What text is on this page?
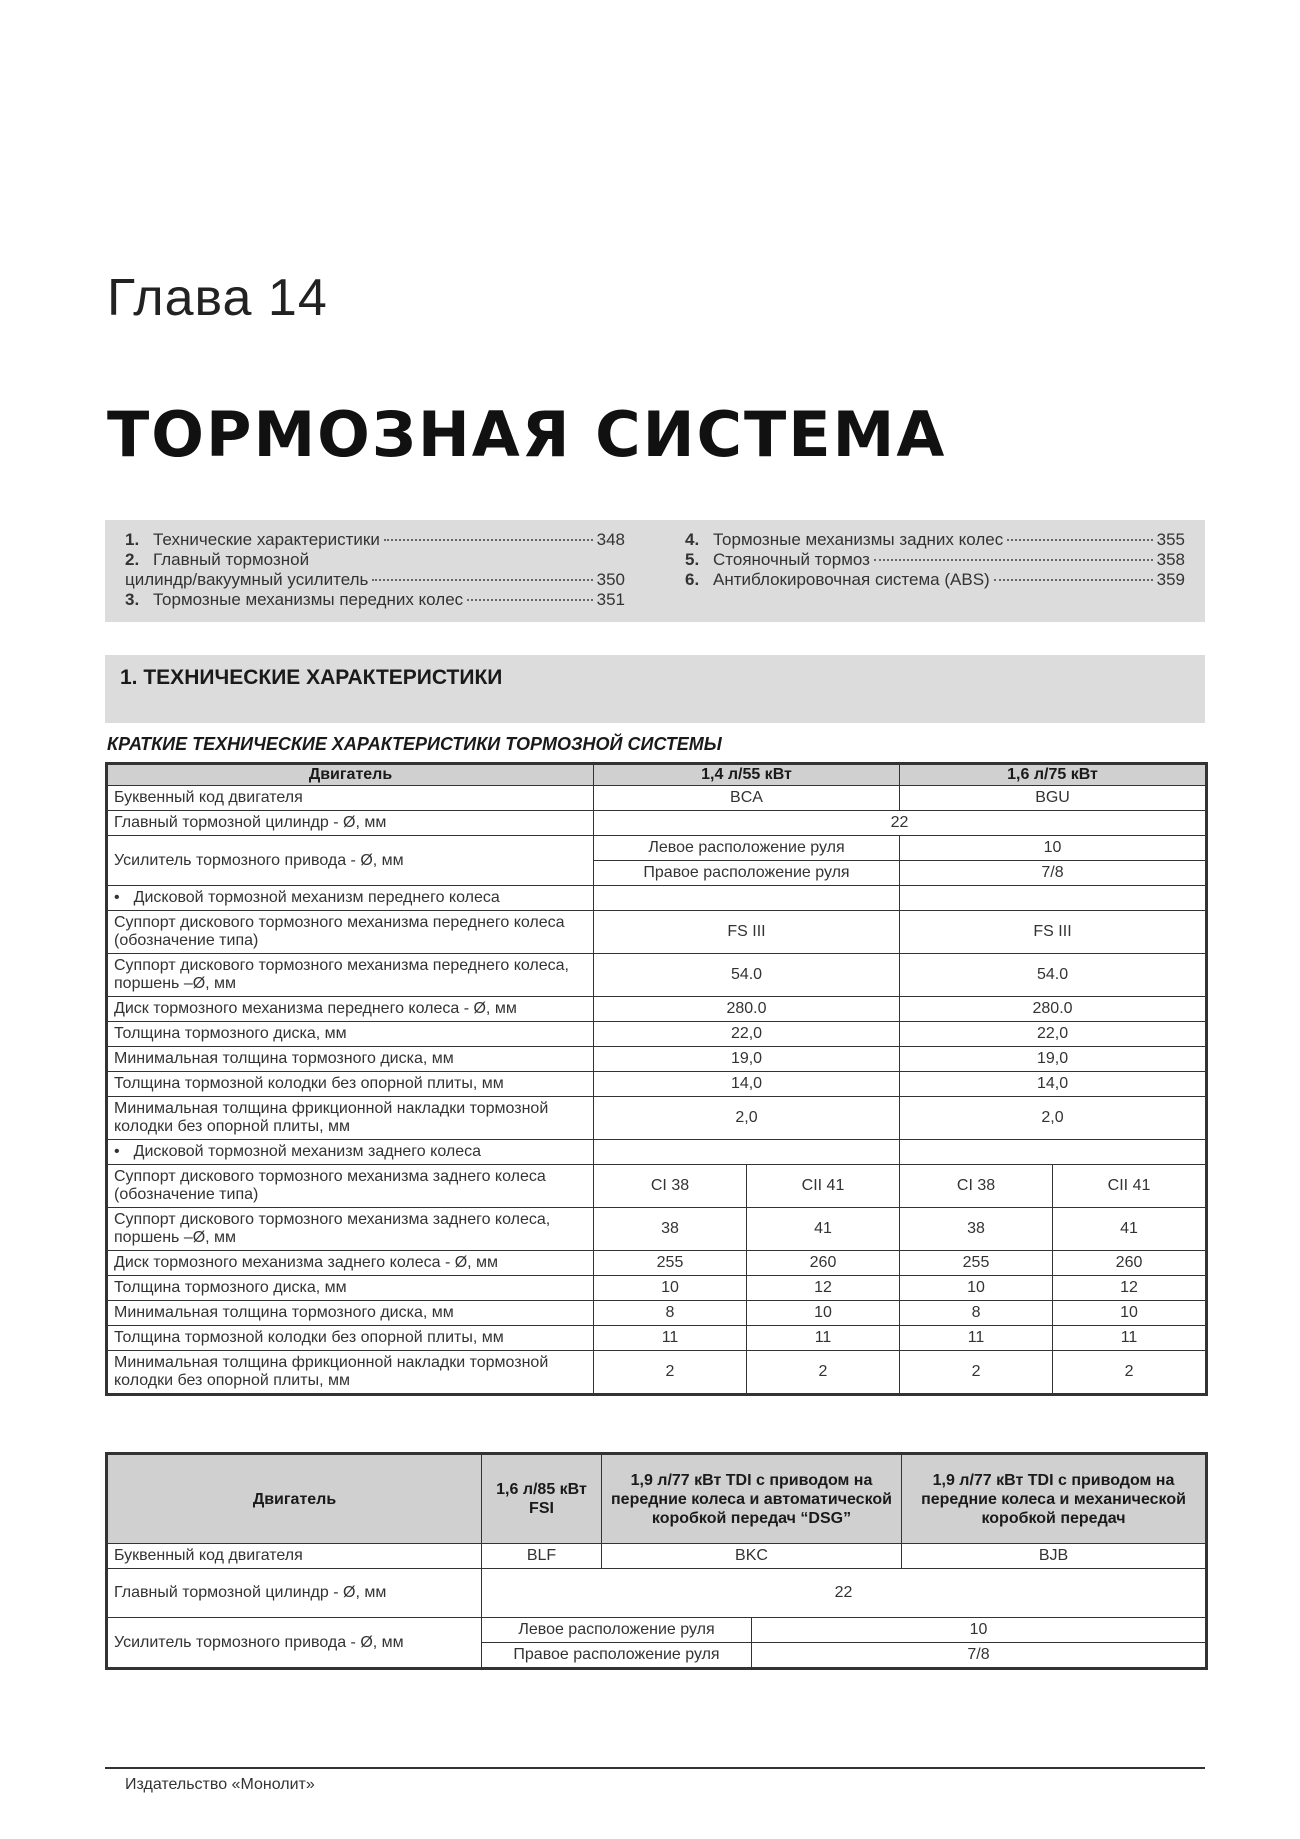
Глава 14
ТОРМОЗНАЯ СИСТЕМА
1. Технические характеристики	348
2. Главный тормозной
цилиндр/вакуумный усилитель	350
3. Тормозные механизмы передних колес	351
4. Тормозные механизмы задних колес	355
5. Стояночный тормоз	358
6. Антиблокировочная система (ABS)	359
1. ТЕХНИЧЕСКИЕ ХАРАКТЕРИСТИКИ
КРАТКИЕ ТЕХНИЧЕСКИЕ ХАРАКТЕРИСТИКИ ТОРМОЗНОЙ СИСТЕМЫ
Двигатель	1,4 л/55 кВт		1,6 л/75 кВт	
Буквенный код двигателя	BCA		BGU	
Главный тормозной цилиндр - Ø, мм	22			
Усилитель тормозного привода - Ø, мм	Левое расположение руля		10	
	Правое расположение руля		7/8	
• Дисковой тормозной механизм переднего колеса		
Суппорт дискового тормозного механизма переднего колеса (обозначение типа)	FS III		FS III	
Суппорт дискового тормозного механизма переднего колеса, поршень –Ø, мм	54.0		54.0	
Диск тормозного механизма переднего колеса - Ø, мм	280.0		280.0	
Толщина тормозного диска, мм	22,0		22,0	
Минимальная толщина тормозного диска, мм	19,0		19,0	
Толщина тормозной колодки без опорной плиты, мм	14,0		14,0	
Минимальная толщина фрикционной накладки тормозной колодки без опорной плиты, мм	2,0		2,0	
• Дисковой тормозной механизм заднего колеса		
Суппорт дискового тормозного механизма заднего колеса (обозначение типа)	CI 38	CII 41	CI 38	CII 41
Суппорт дискового тормозного механизма заднего колеса, поршень –Ø, мм	38	41	38	41
Диск тормозного механизма заднего колеса - Ø, мм	255	260	255	260
Толщина тормозного диска, мм	10	12	10	12
Минимальная толщина тормозного диска, мм	8	10	8	10
Толщина тормозной колодки без опорной плиты, мм	11	11	11	11
Минимальная толщина фрикционной накладки тормозной колодки без опорной плиты, мм	2	2	2	2
Двигатель	1,6 л/85 кВт FSI	1,9 л/77 кВт TDI с приводом на передние колеса и автоматической коробкой передач “DSG”		1,9 л/77 кВт TDI с приводом на передние колеса и механической коробкой передач
Буквенный код двигателя	BLF	BKC		BJB
Главный тормозной цилиндр - Ø, мм	22			
Усилитель тормозного привода - Ø, мм	Левое расположение руля		10	
	Правое расположение руля		7/8	
Издательство «Монолит»
